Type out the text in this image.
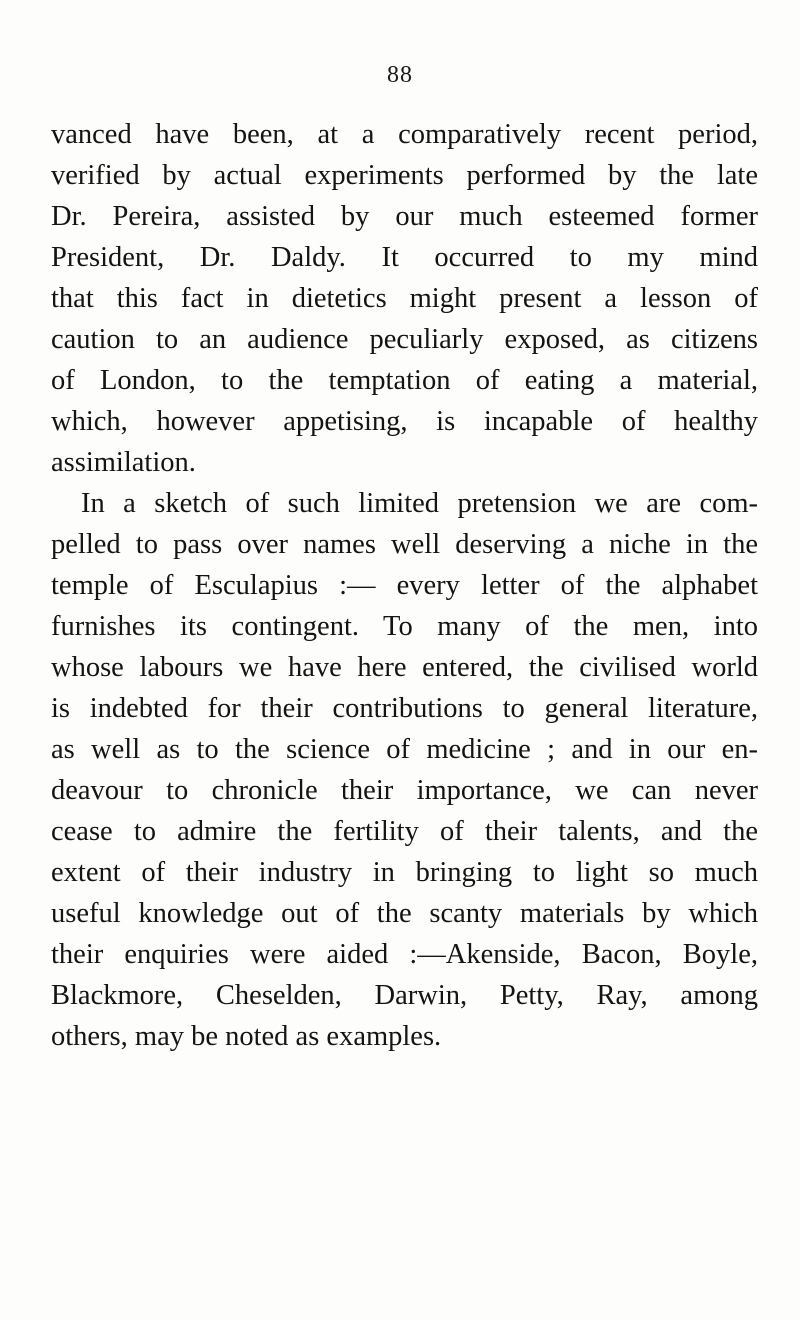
88
vanced have been, at a comparatively recent period,
verified by actual experiments performed by the late
Dr. Pereira, assisted by our much esteemed former
President, Dr. Daldy. It occurred to my mind
that this fact in dietetics might present a lesson of
caution to an audience peculiarly exposed, as citizens
of London, to the temptation of eating a material,
which, however appetising, is incapable of healthy
assimilation.
In a sketch of such limited pretension we are com-
pelled to pass over names well deserving a niche in the
temple of Esculapius :— every letter of the alphabet
furnishes its contingent. To many of the men, into
whose labours we have here entered, the civilised world
is indebted for their contributions to general literature,
as well as to the science of medicine ; and in our en-
deavour to chronicle their importance, we can never
cease to admire the fertility of their talents, and the
extent of their industry in bringing to light so much
useful knowledge out of the scanty materials by which
their enquiries were aided :—Akenside, Bacon, Boyle,
Blackmore, Cheselden, Darwin, Petty, Ray, among
others, may be noted as examples.
